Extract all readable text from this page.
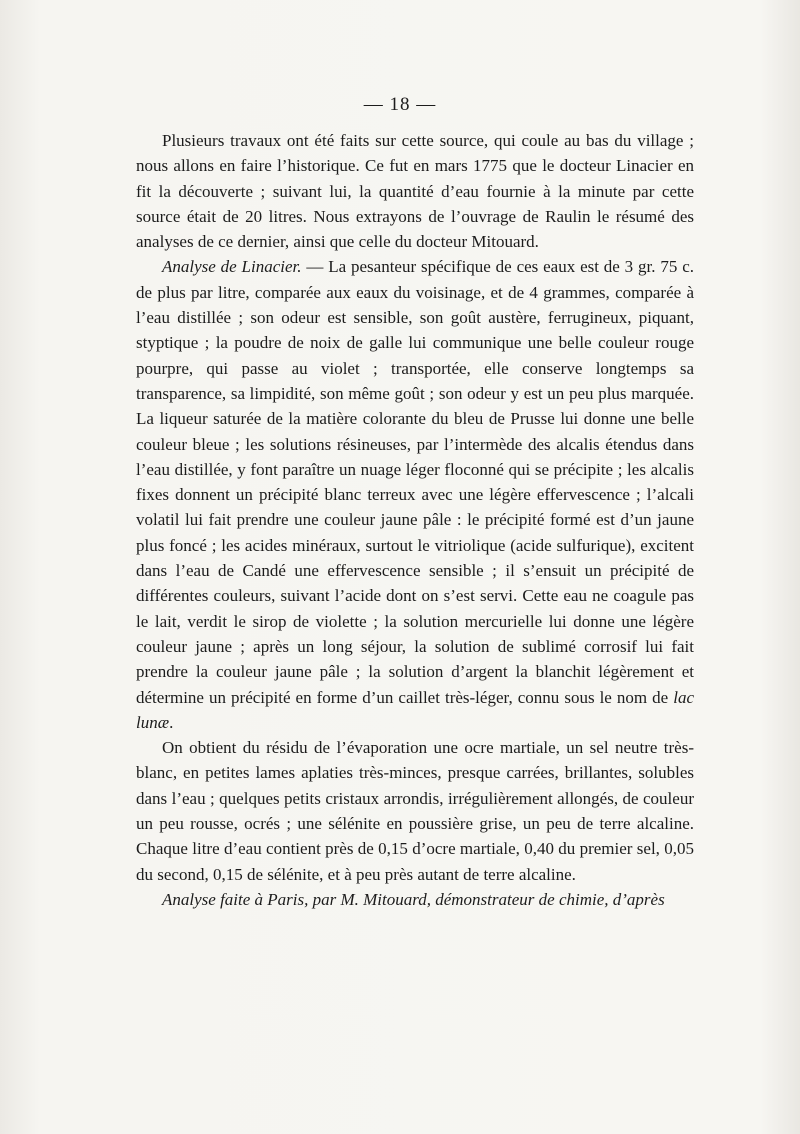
— 18 —

Plusieurs travaux ont été faits sur cette source, qui coule au bas du village ; nous allons en faire l’historique. Ce fut en mars 1775 que le docteur Linacier en fit la découverte ; suivant lui, la quantité d’eau fournie à la minute par cette source était de 20 litres. Nous extrayons de l’ouvrage de Raulin le résumé des analyses de ce dernier, ainsi que celle du docteur Mitouard.

Analyse de Linacier. — La pesanteur spécifique de ces eaux est de 3 gr. 75 c. de plus par litre, comparée aux eaux du voisinage, et de 4 grammes, comparée à l’eau distillée ; son odeur est sensible, son goût austère, ferrugineux, piquant, styptique ; la poudre de noix de galle lui communique une belle couleur rouge pourpre, qui passe au violet ; transportée, elle conserve longtemps sa transparence, sa limpidité, son même goût ; son odeur y est un peu plus marquée. La liqueur saturée de la matière colorante du bleu de Prusse lui donne une belle couleur bleue ; les solutions résineuses, par l’intermède des alcalis étendus dans l’eau distillée, y font paraître un nuage léger floconné qui se précipite ; les alcalis fixes donnent un précipité blanc terreux avec une légère effervescence ; l’alcali volatil lui fait prendre une couleur jaune pâle : le précipité formé est d’un jaune plus foncé ; les acides minéraux, surtout le vitriolique (acide sulfurique), excitent dans l’eau de Candé une effervescence sensible ; il s’ensuit un précipité de différentes couleurs, suivant l’acide dont on s’est servi. Cette eau ne coagule pas le lait, verdit le sirop de violette ; la solution mercurielle lui donne une légère couleur jaune ; après un long séjour, la solution de sublimé corrosif lui fait prendre la couleur jaune pâle ; la solution d’argent la blanchit légèrement et détermine un précipité en forme d’un caillet très-léger, connu sous le nom de lac lunæ.

On obtient du résidu de l’évaporation une ocre martiale, un sel neutre très-blanc, en petites lames aplaties très-minces, presque carrées, brillantes, solubles dans l’eau ; quelques petits cristaux arrondis, irrégulièrement allongés, de couleur un peu rousse, ocrés ; une sélénite en poussière grise, un peu de terre alcaline. Chaque litre d’eau contient près de 0,15 d’ocre martiale, 0,40 du premier sel, 0,05 du second, 0,15 de sélénite, et à peu près autant de terre alcaline.

Analyse faite à Paris, par M. Mitouard, démonstrateur de chimie, d’après
